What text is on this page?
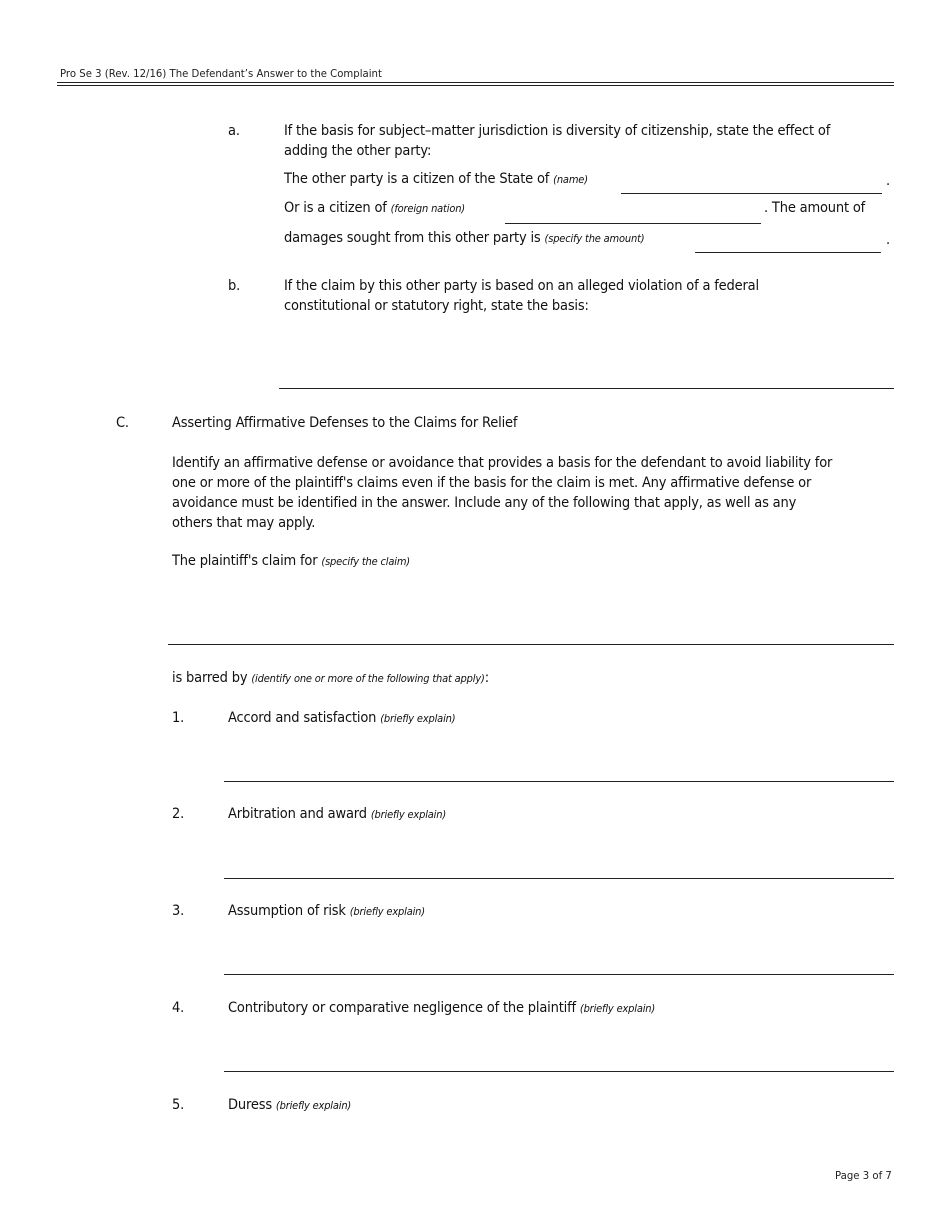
Pro Se 3 (Rev. 12/16) The Defendant’s Answer to the Complaint
a.	If the basis for subject–matter jurisdiction is diversity of citizenship, state the effect of
adding the other party:
The other party is a citizen of the State of (name)	.
Or is a citizen of (foreign nation)	. The amount of
damages sought from this other party is (specify the amount)	.
b.	If the claim by this other party is based on an alleged violation of a federal
constitutional or statutory right, state the basis:
C.	Asserting Affirmative Defenses to the Claims for Relief
Identify an affirmative defense or avoidance that provides a basis for the defendant to avoid liability for
one or more of the plaintiff's claims even if the basis for the claim is met. Any affirmative defense or
avoidance must be identified in the answer. Include any of the following that apply, as well as any
others that may apply.
The plaintiff's claim for (specify the claim)
is barred by (identify one or more of the following that apply):
1.	Accord and satisfaction (briefly explain)
2.	Arbitration and award (briefly explain)
3.	Assumption of risk (briefly explain)
4.	Contributory or comparative negligence of the plaintiff (briefly explain)
5.	Duress (briefly explain)
Page 3 of 7
